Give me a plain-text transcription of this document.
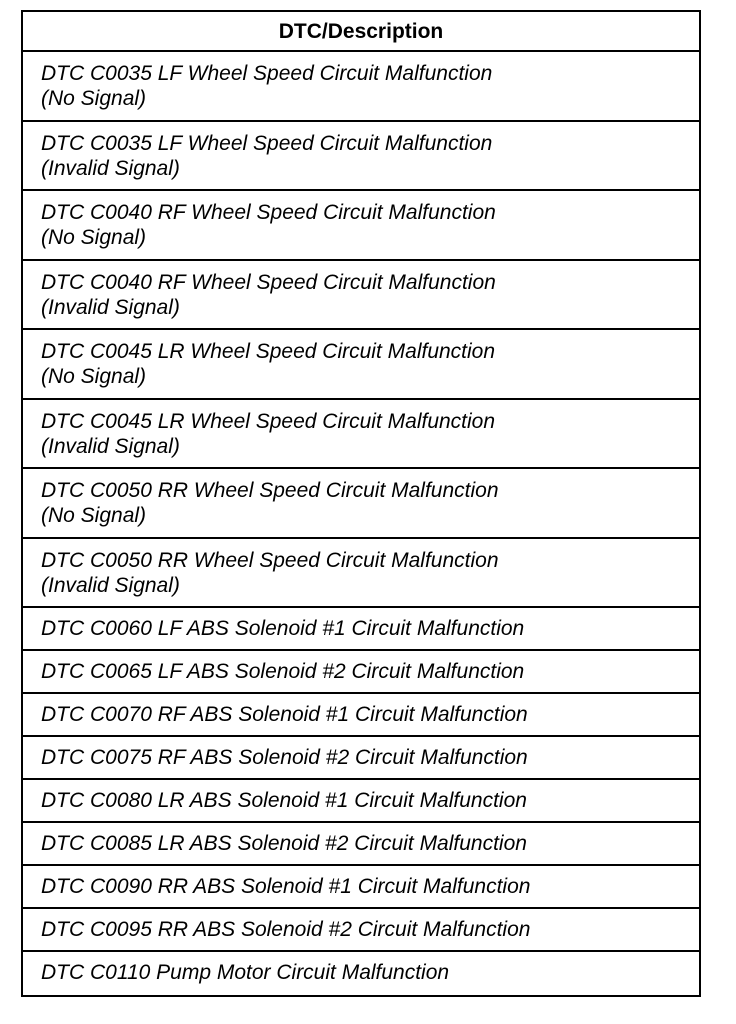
DTC/Description
DTC C0035 LF Wheel Speed Circuit Malfunction
(No Signal)
DTC C0035 LF Wheel Speed Circuit Malfunction
(Invalid Signal)
DTC C0040 RF Wheel Speed Circuit Malfunction
(No Signal)
DTC C0040 RF Wheel Speed Circuit Malfunction
(Invalid Signal)
DTC C0045 LR Wheel Speed Circuit Malfunction
(No Signal)
DTC C0045 LR Wheel Speed Circuit Malfunction
(Invalid Signal)
DTC C0050 RR Wheel Speed Circuit Malfunction
(No Signal)
DTC C0050 RR Wheel Speed Circuit Malfunction
(Invalid Signal)
DTC C0060 LF ABS Solenoid #1 Circuit Malfunction
DTC C0065 LF ABS Solenoid #2 Circuit Malfunction
DTC C0070 RF ABS Solenoid #1 Circuit Malfunction
DTC C0075 RF ABS Solenoid #2 Circuit Malfunction
DTC C0080 LR ABS Solenoid #1 Circuit Malfunction
DTC C0085 LR ABS Solenoid #2 Circuit Malfunction
DTC C0090 RR ABS Solenoid #1 Circuit Malfunction
DTC C0095 RR ABS Solenoid #2 Circuit Malfunction
DTC C0110 Pump Motor Circuit Malfunction
